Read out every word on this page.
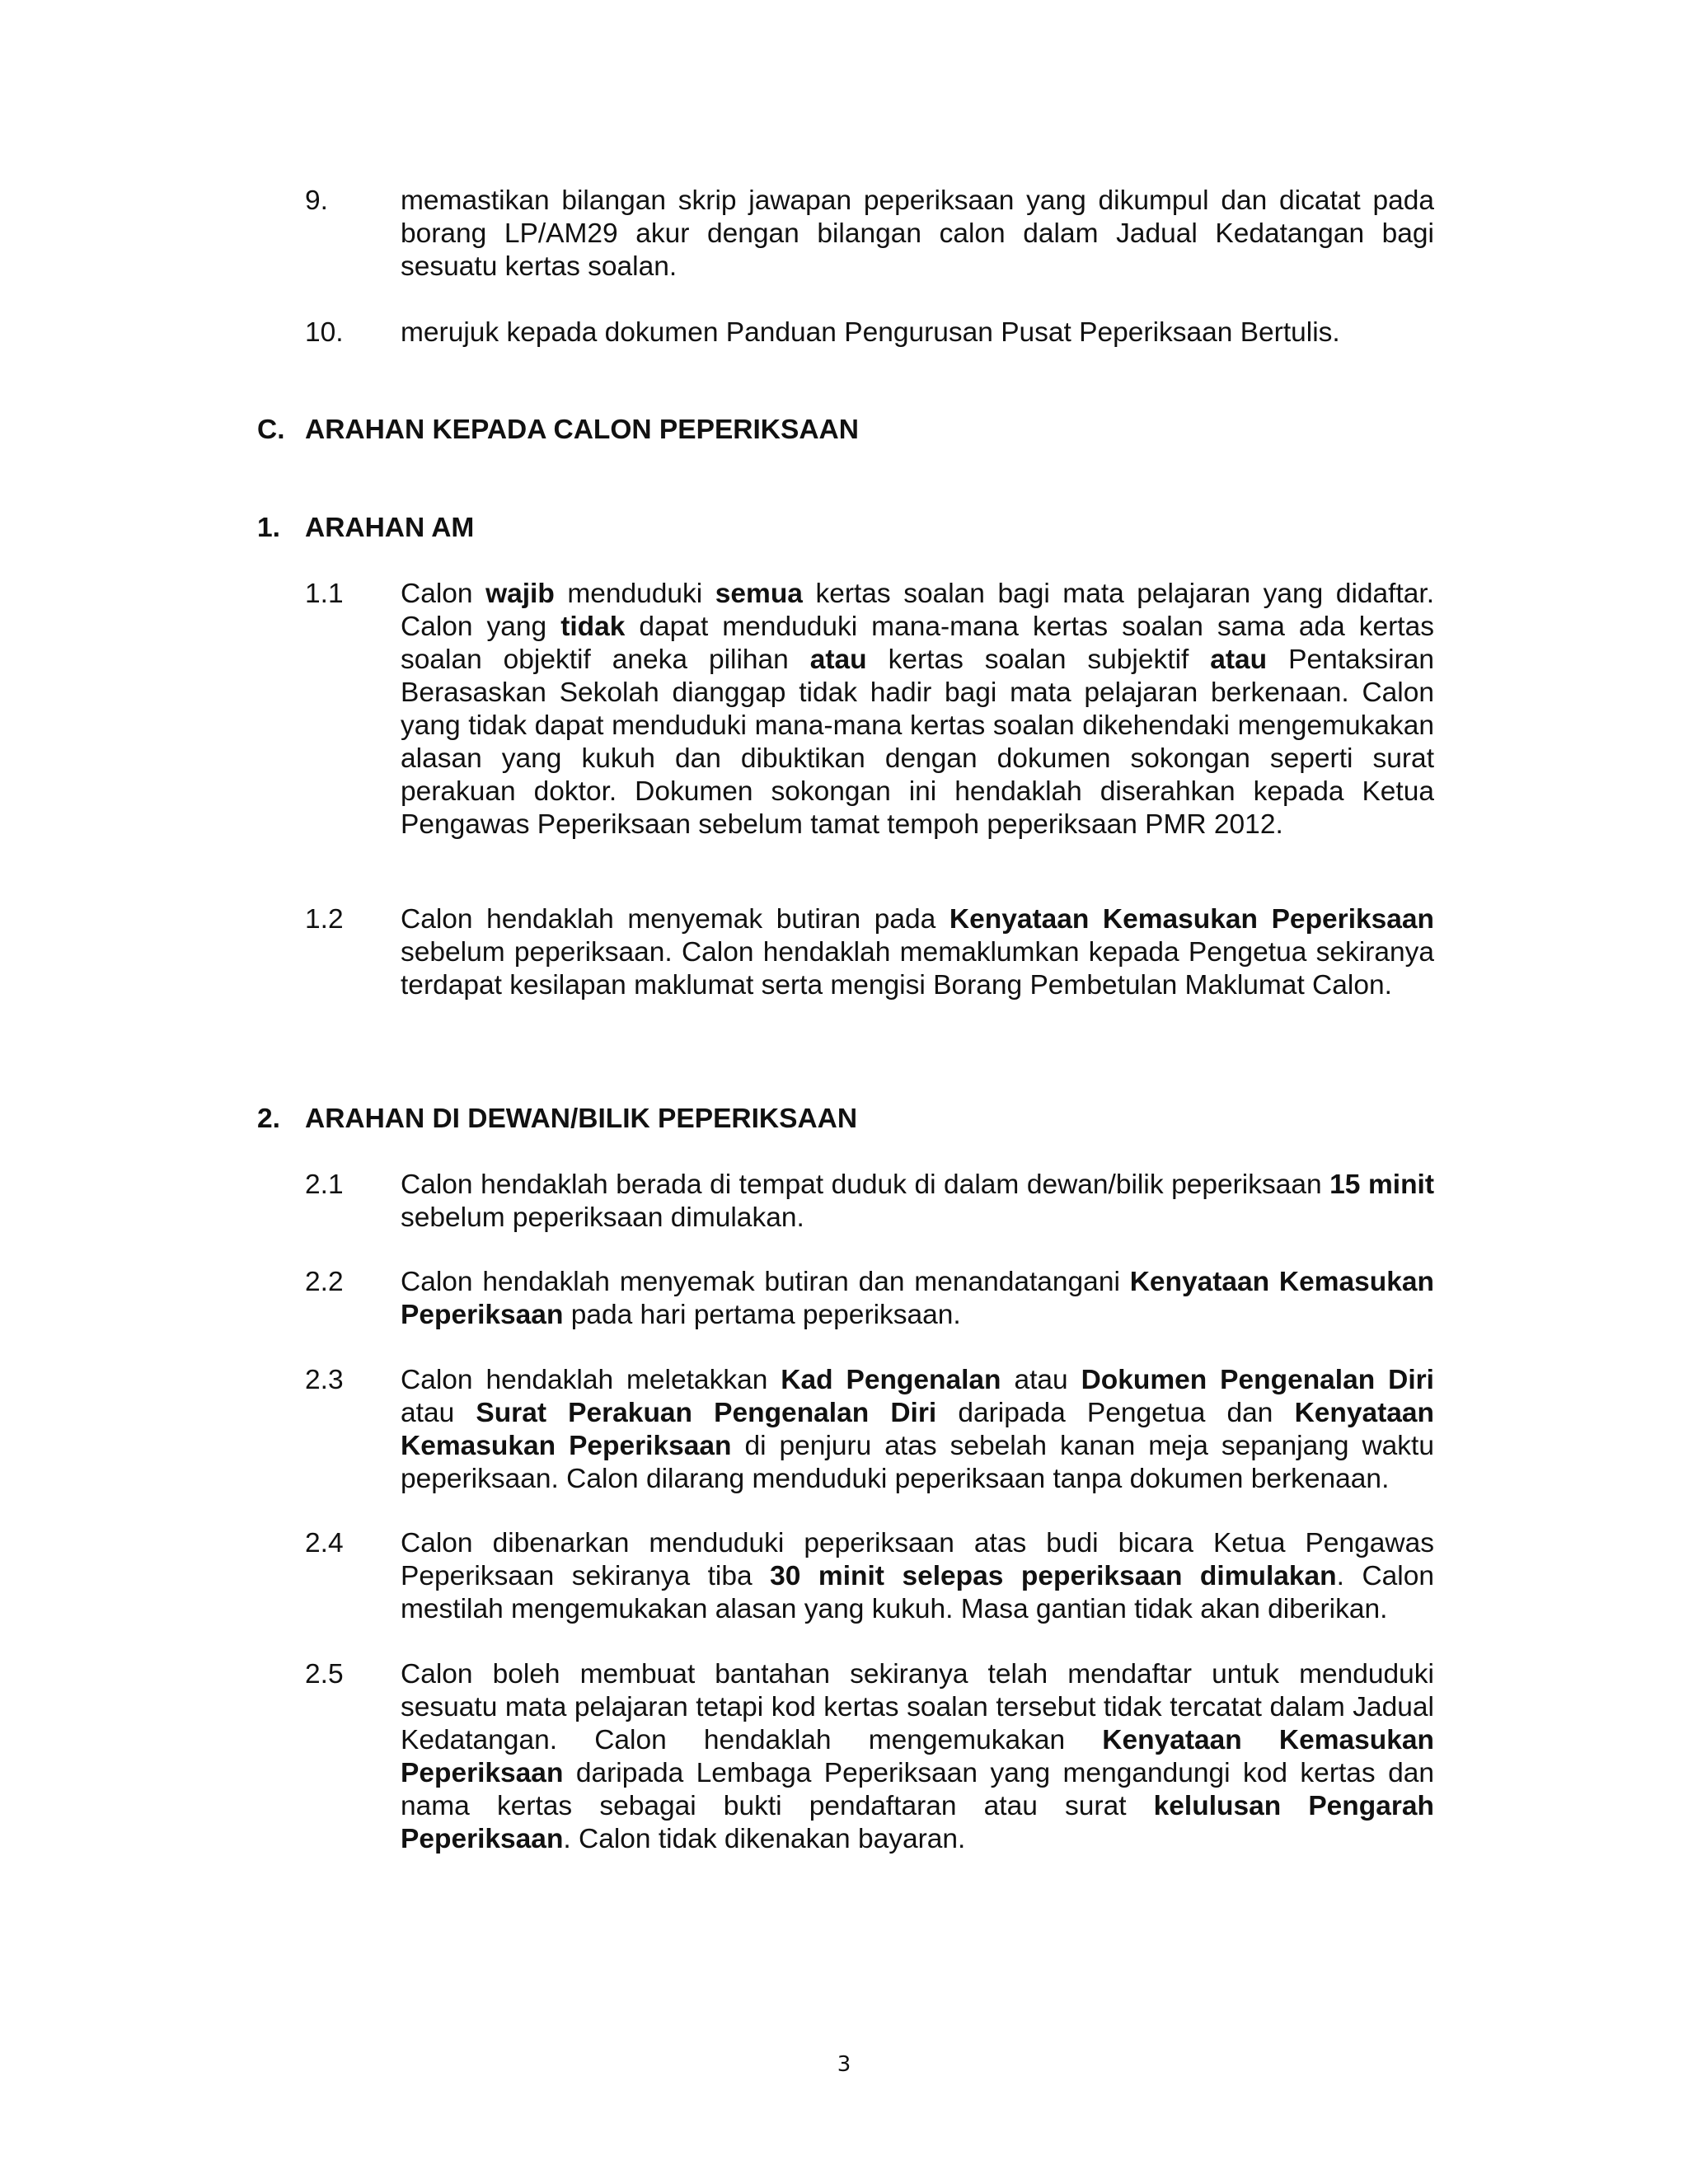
9.	memastikan bilangan skrip jawapan peperiksaan yang dikumpul dan dicatat pada borang LP/AM29 akur dengan bilangan calon dalam Jadual Kedatangan bagi sesuatu kertas soalan.
10.	merujuk kepada dokumen Panduan Pengurusan Pusat Peperiksaan Bertulis.
C. ARAHAN KEPADA CALON PEPERIKSAAN
1. ARAHAN AM
1.1	Calon wajib menduduki semua kertas soalan bagi mata pelajaran yang didaftar. Calon yang tidak dapat menduduki mana-mana kertas soalan sama ada kertas soalan objektif aneka pilihan atau kertas soalan subjektif atau Pentaksiran Berasaskan Sekolah dianggap tidak hadir bagi mata pelajaran berkenaan. Calon yang tidak dapat menduduki mana-mana kertas soalan dikehendaki mengemukakan alasan yang kukuh dan dibuktikan dengan dokumen sokongan seperti surat perakuan doktor. Dokumen sokongan ini hendaklah diserahkan kepada Ketua Pengawas Peperiksaan sebelum tamat tempoh peperiksaan PMR 2012.
1.2	Calon hendaklah menyemak butiran pada Kenyataan Kemasukan Peperiksaan sebelum peperiksaan. Calon hendaklah memaklumkan kepada Pengetua sekiranya terdapat kesilapan maklumat serta mengisi Borang Pembetulan Maklumat Calon.
2. ARAHAN DI DEWAN/BILIK PEPERIKSAAN
2.1	Calon hendaklah berada di tempat duduk di dalam dewan/bilik peperiksaan 15 minit sebelum peperiksaan dimulakan.
2.2	Calon hendaklah menyemak butiran dan menandatangani Kenyataan Kemasukan Peperiksaan pada hari pertama peperiksaan.
2.3	Calon hendaklah meletakkan Kad Pengenalan atau Dokumen Pengenalan Diri atau Surat Perakuan Pengenalan Diri daripada Pengetua dan Kenyataan Kemasukan Peperiksaan di penjuru atas sebelah kanan meja sepanjang waktu peperiksaan. Calon dilarang menduduki peperiksaan tanpa dokumen berkenaan.
2.4	Calon dibenarkan menduduki peperiksaan atas budi bicara Ketua Pengawas Peperiksaan sekiranya tiba 30 minit selepas peperiksaan dimulakan. Calon mestilah mengemukakan alasan yang kukuh. Masa gantian tidak akan diberikan.
2.5	Calon boleh membuat bantahan sekiranya telah mendaftar untuk menduduki sesuatu mata pelajaran tetapi kod kertas soalan tersebut tidak tercatat dalam Jadual Kedatangan. Calon hendaklah mengemukakan Kenyataan Kemasukan Peperiksaan daripada Lembaga Peperiksaan yang mengandungi kod kertas dan nama kertas sebagai bukti pendaftaran atau surat kelulusan Pengarah Peperiksaan. Calon tidak dikenakan bayaran.
3
